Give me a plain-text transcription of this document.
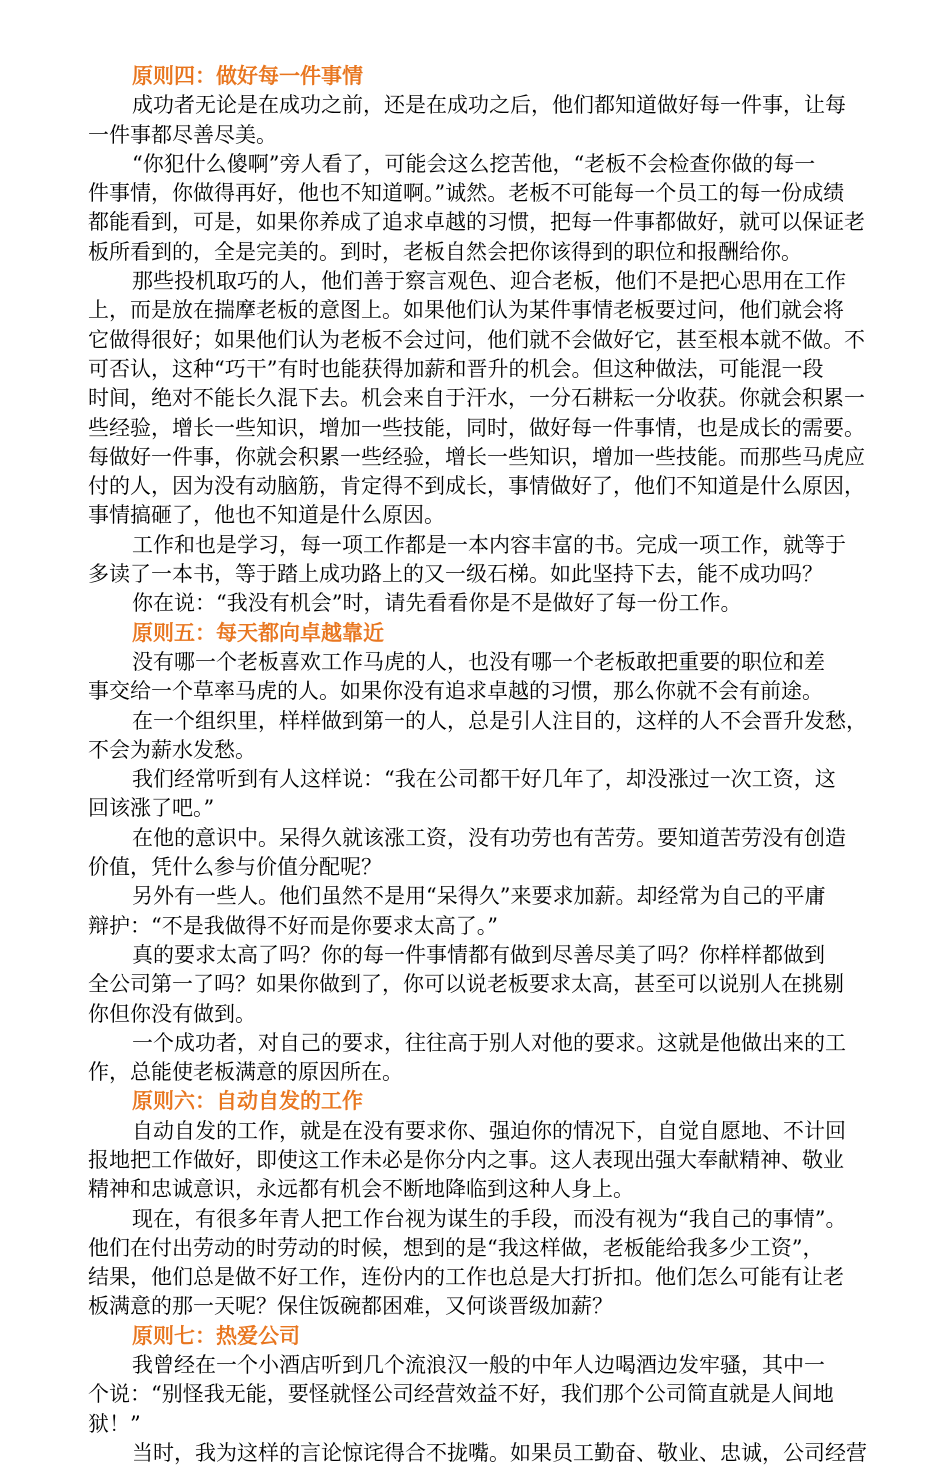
原则四：做好每一件事情
成功者无论是在成功之前，还是在成功之后，他们都知道做好每一件事，让每
一件事都尽善尽美。
“你犯什么傻啊”旁人看了，可能会这么挖苦他，“老板不会检查你做的每一
件事情，你做得再好，他也不知道啊。”诚然。老板不可能每一个员工的每一份成绩
都能看到，可是，如果你养成了追求卓越的习惯，把每一件事都做好，就可以保证老
板所看到的，全是完美的。到时，老板自然会把你该得到的职位和报酬给你。
那些投机取巧的人，他们善于察言观色、迎合老板，他们不是把心思用在工作
上，而是放在揣摩老板的意图上。如果他们认为某件事情老板要过问，他们就会将
它做得很好；如果他们认为老板不会过问，他们就不会做好它，甚至根本就不做。不
可否认，这种“巧干”有时也能获得加薪和晋升的机会。但这种做法，可能混一段
时间，绝对不能长久混下去。机会来自于汗水，一分石耕耘一分收获。你就会积累一
些经验，增长一些知识，增加一些技能，同时，做好每一件事情，也是成长的需要。
每做好一件事，你就会积累一些经验，增长一些知识，增加一些技能。而那些马虎应
付的人，因为没有动脑筋，肯定得不到成长，事情做好了，他们不知道是什么原因，
事情搞砸了，他也不知道是什么原因。
工作和也是学习，每一项工作都是一本内容丰富的书。完成一项工作，就等于
多读了一本书，等于踏上成功路上的又一级石梯。如此坚持下去，能不成功吗？
你在说：“我没有机会”时，请先看看你是不是做好了每一份工作。
原则五：每天都向卓越靠近
没有哪一个老板喜欢工作马虎的人，也没有哪一个老板敢把重要的职位和差
事交给一个草率马虎的人。如果你没有追求卓越的习惯，那么你就不会有前途。
在一个组织里，样样做到第一的人，总是引人注目的，这样的人不会晋升发愁，
不会为薪水发愁。
我们经常听到有人这样说：“我在公司都干好几年了，却没涨过一次工资，这
回该涨了吧。”
在他的意识中。呆得久就该涨工资，没有功劳也有苦劳。要知道苦劳没有创造
价值，凭什么参与价值分配呢？
另外有一些人。他们虽然不是用“呆得久”来要求加薪。却经常为自己的平庸
辩护：“不是我做得不好而是你要求太高了。”
真的要求太高了吗？你的每一件事情都有做到尽善尽美了吗？你样样都做到
全公司第一了吗？如果你做到了，你可以说老板要求太高，甚至可以说别人在挑剔
你但你没有做到。
一个成功者，对自己的要求，往往高于别人对他的要求。这就是他做出来的工
作，总能使老板满意的原因所在。
原则六：自动自发的工作
自动自发的工作，就是在没有要求你、强迫你的情况下，自觉自愿地、不计回
报地把工作做好，即使这工作未必是你分内之事。这人表现出强大奉献精神、敬业
精神和忠诚意识，永远都有机会不断地降临到这种人身上。
现在，有很多年青人把工作台视为谋生的手段，而没有视为“我自己的事情”。
他们在付出劳动的时劳动的时候，想到的是“我这样做，老板能给我多少工资”，
结果，他们总是做不好工作，连份内的工作也总是大打折扣。他们怎么可能有让老
板满意的那一天呢？保住饭碗都困难，又何谈晋级加薪？
原则七：热爱公司
我曾经在一个小酒店听到几个流浪汉一般的中年人边喝酒边发牢骚，其中一
个说：“别怪我无能，要怪就怪公司经营效益不好，我们那个公司简直就是人间地
狱！”
当时，我为这样的言论惊诧得合不拢嘴。如果员工勤奋、敬业、忠诚，公司经营
